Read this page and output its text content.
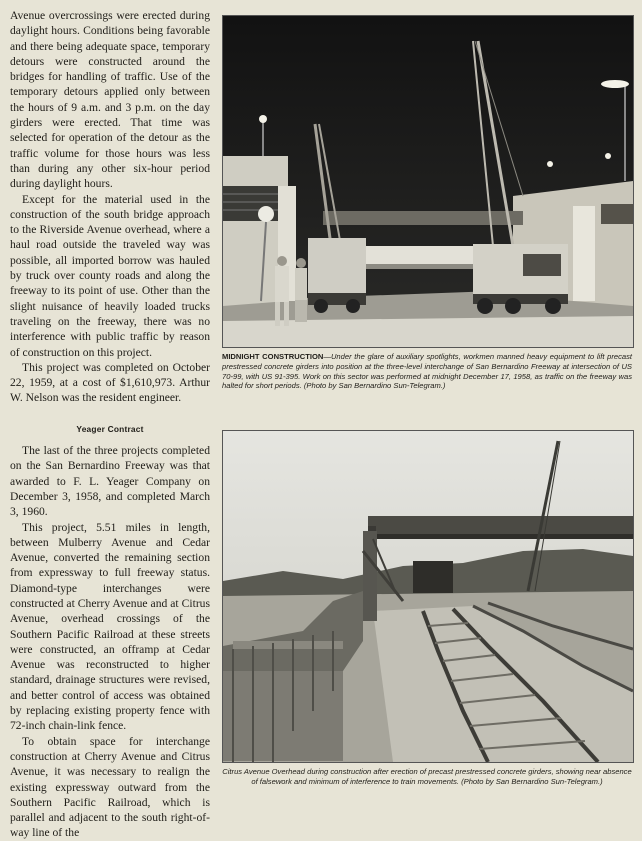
Avenue overcrossings were erected during daylight hours. Conditions being favorable and there being adequate space, temporary detours were constructed around the bridges for handling of traffic. Use of the temporary detours applied only between the hours of 9 a.m. and 3 p.m. on the day girders were erected. That time was selected for operation of the detour as the traffic volume for those hours was less than during any other six-hour period during daylight hours.

Except for the material used in the construction of the south bridge approach to the Riverside Avenue overhead, where a haul road outside the traveled way was possible, all imported borrow was hauled by truck over county roads and along the freeway to its point of use. Other than the slight nuisance of heavily loaded trucks traveling on the freeway, there was no interference with public traffic by reason of construction on this project.

This project was completed on October 22, 1959, at a cost of $1,610,973. Arthur W. Nelson was the resident engineer.

Yeager Contract

The last of the three projects completed on the San Bernardino Freeway was that awarded to F. L. Yeager Company on December 3, 1958, and completed March 3, 1960.

This project, 5.51 miles in length, between Mulberry Avenue and Cedar Avenue, converted the remaining section from expressway to full freeway status. Diamond-type interchanges were constructed at Cherry Avenue and at Citrus Avenue, overhead crossings of the Southern Pacific Railroad at these streets were constructed, an offramp at Cedar Avenue was reconstructed to higher standard, drainage structures were revised, and better control of access was obtained by replacing existing property fence with 72-inch chain-link fence.

To obtain space for interchange construction at Cherry Avenue and Citrus Avenue, it was necessary to realign the existing expressway outward from the Southern Pacific Railroad, which is parallel and adjacent to the south right-of-way line of the

MIDNIGHT CONSTRUCTION—Under the glare of auxiliary spotlights, workmen manned heavy equipment to lift precast prestressed concrete girders into position at the three-level interchange of San Bernardino Freeway at intersection of US 70-99, with US 91-395. Work on this sector was performed at midnight December 17, 1958, as traffic on the freeway was halted for short periods. (Photo by San Bernardino Sun-Telegram.)
Citrus Avenue Overhead during construction after erection of precast prestressed concrete girders, showing near absence of falsework and minimum of interference to train movements. (Photo by San Bernardino Sun-Telegram.)
